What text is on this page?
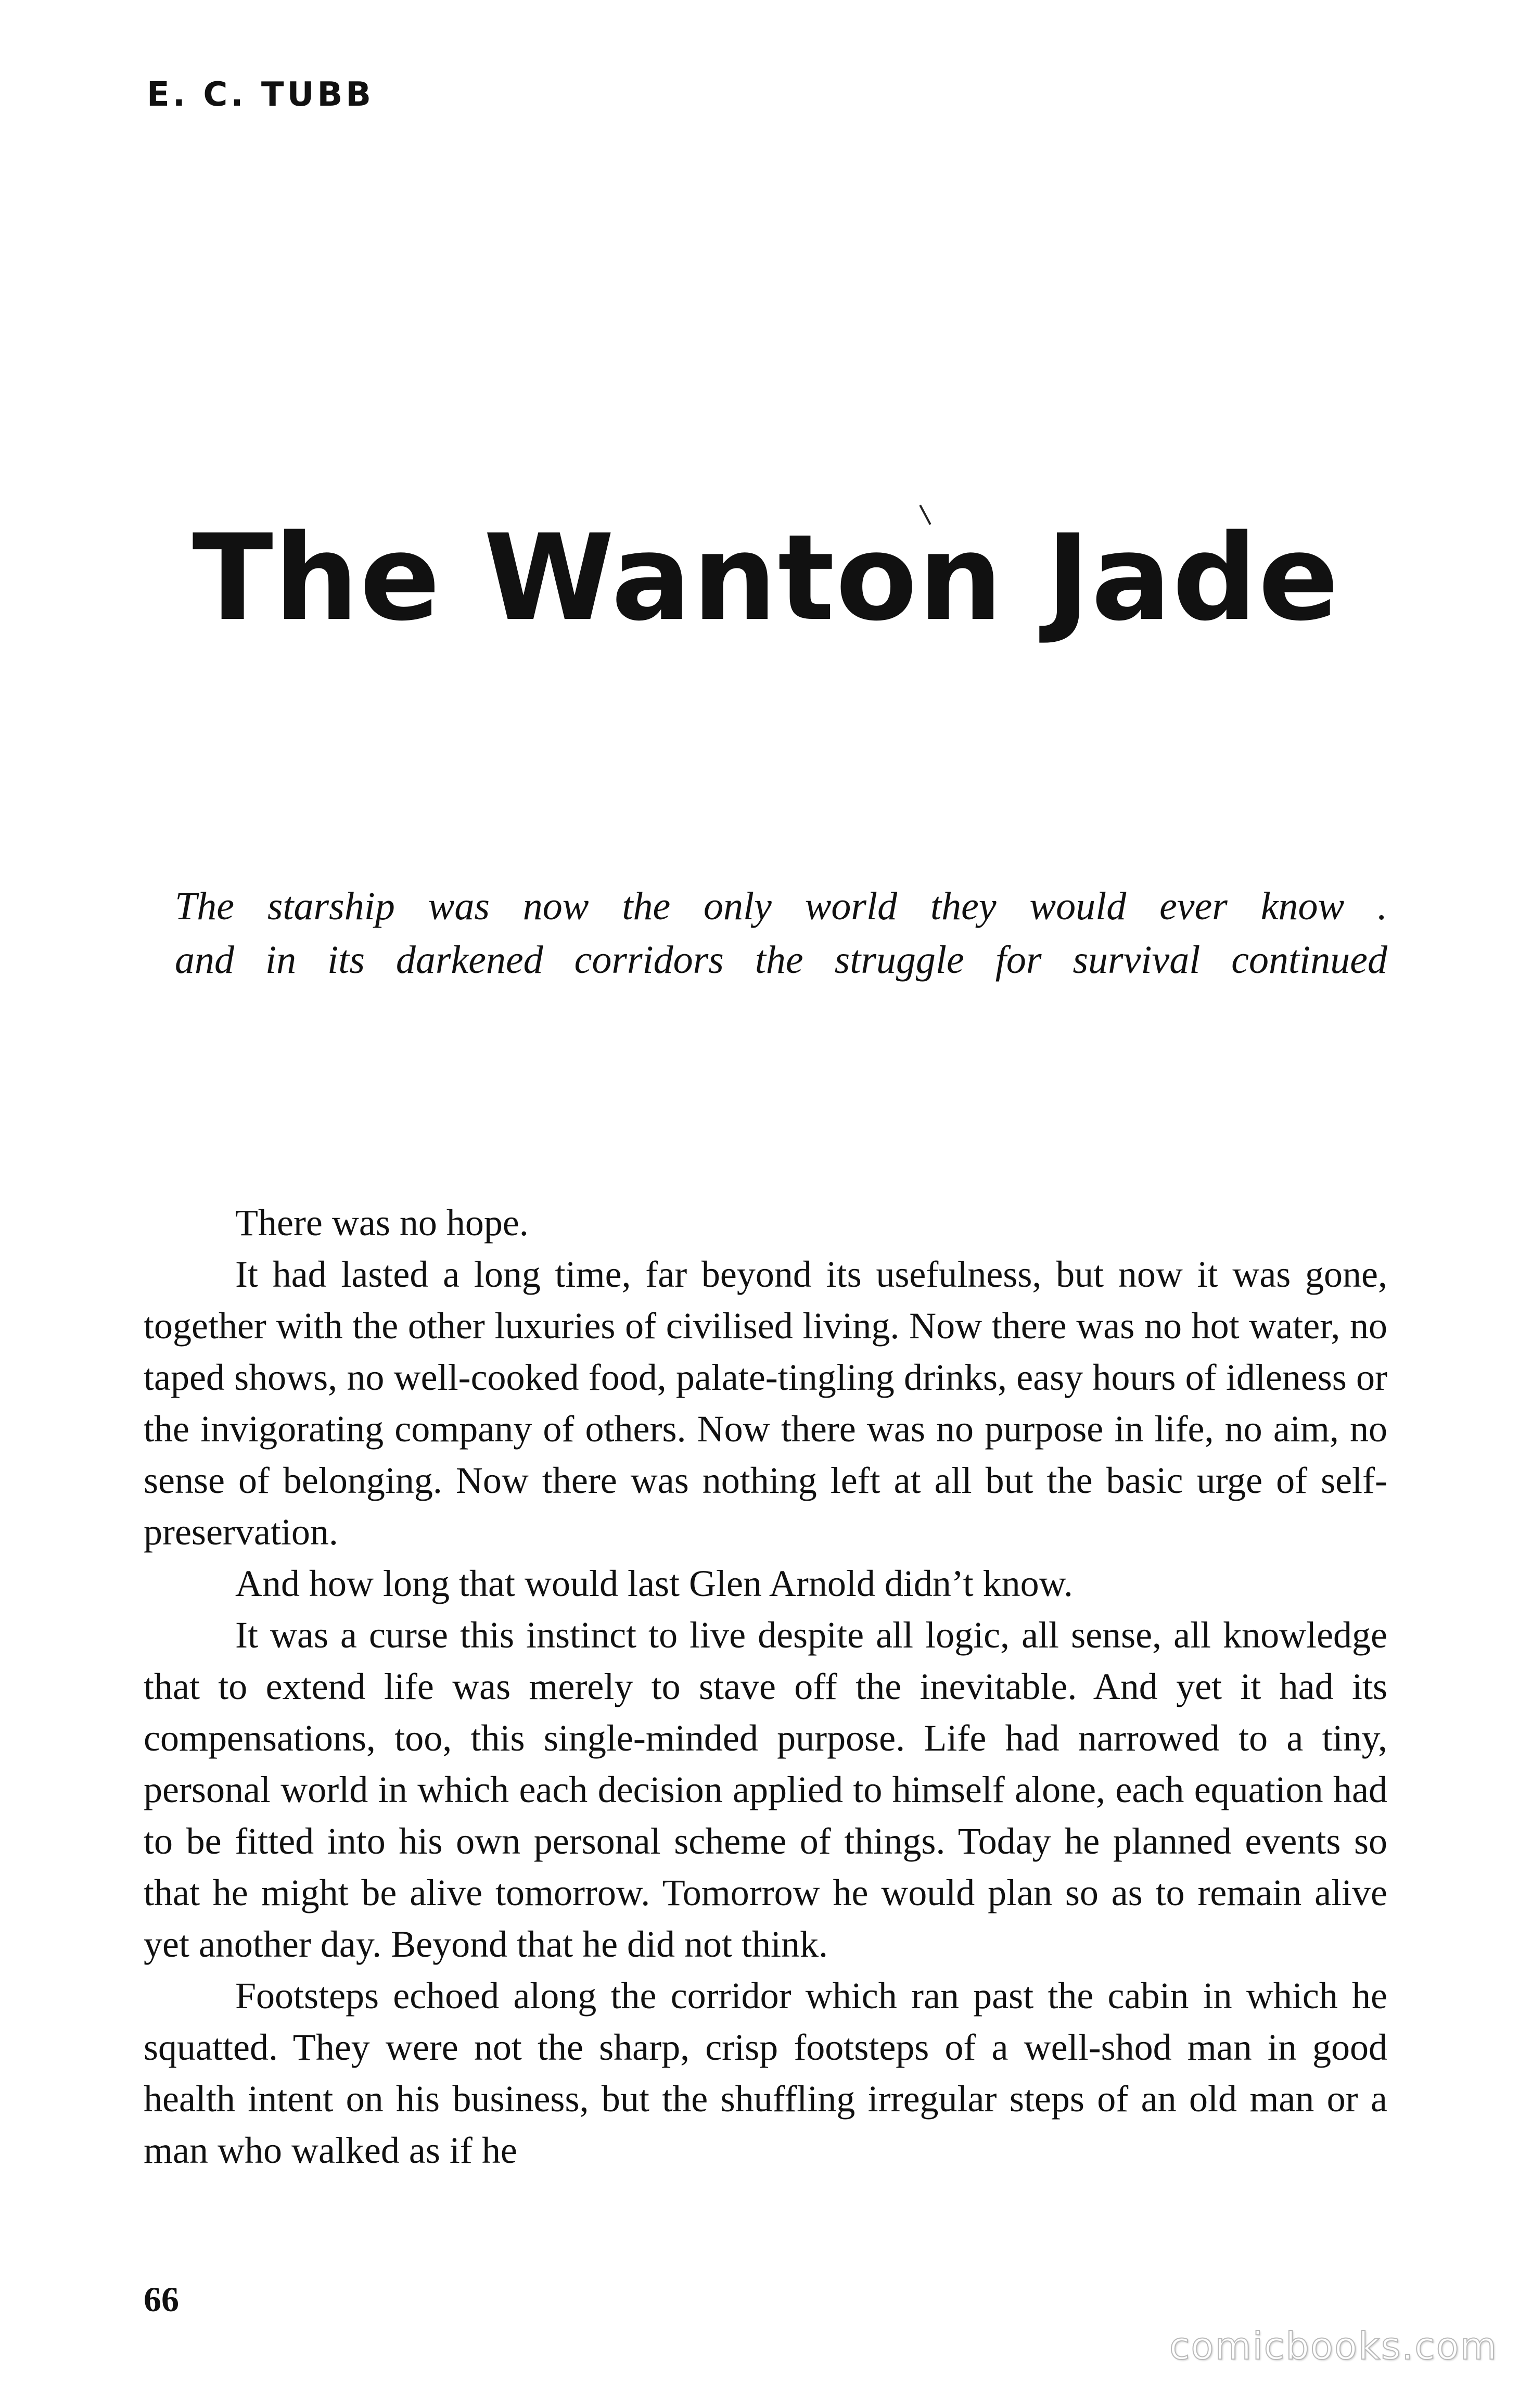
E. C. TUBB
The Wanton Jade
The starship was now the only world they would ever know .
and in its darkened corridors the struggle for survival continued

There was no hope.

It had lasted a long time, far beyond its usefulness, but now it was gone, together with the other luxuries of civilised living. Now there was no hot water, no taped shows, no well-cooked food, palate-tingling drinks, easy hours of idleness or the invigorating company of others. Now there was no purpose in life, no aim, no sense of belonging. Now there was nothing left at all but the basic urge of self-preservation.

And how long that would last Glen Arnold didn’t know.

It was a curse this instinct to live despite all logic, all sense, all knowledge that to extend life was merely to stave off the inevitable. And yet it had its compensations, too, this single-minded purpose. Life had narrowed to a tiny, personal world in which each decision applied to himself alone, each equation had to be fitted into his own personal scheme of things. Today he planned events so that he might be alive tomorrow. Tomorrow he would plan so as to remain alive yet another day. Beyond that he did not think.

Footsteps echoed along the corridor which ran past the cabin in which he squatted. They were not the sharp, crisp footsteps of a well-shod man in good health intent on his business, but the shuffling irregular steps of an old man or a man who walked as if he

66
comicbooks.com
